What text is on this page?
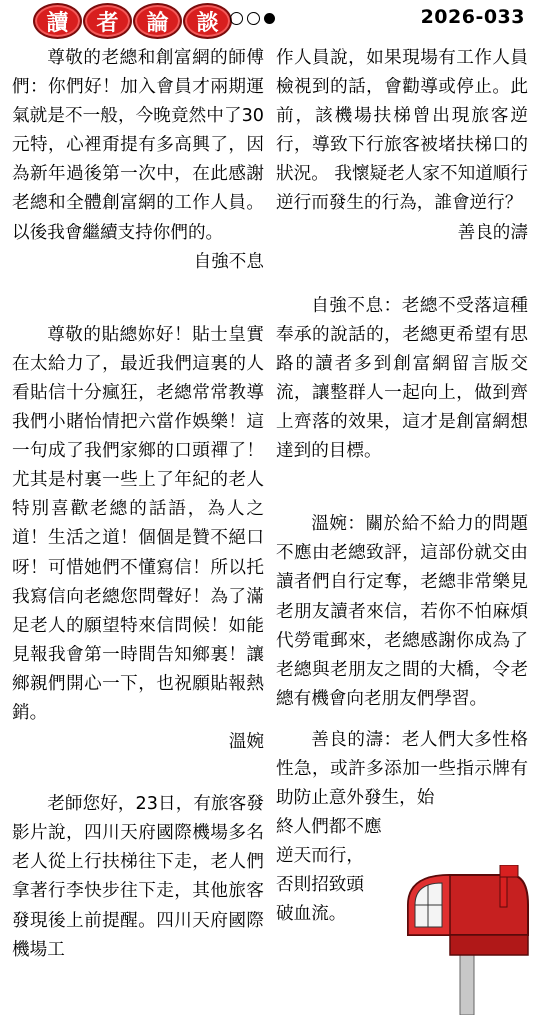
讀	者	論	談	2026-033

尊敬的老總和創富網的師傅們：你們好！加入會員才兩期運氣就是不一般，今晚竟然中了30元特，心裡甭提有多高興了，因為新年過後第一次中，在此感謝老總和全體創富網的工作人員。以後我會繼續支持你們的。

自強不息

尊敬的貼總妳好！貼士皇實在太給力了，最近我們這裏的人看貼信十分瘋狂，老總常常教導我們小賭怡情把六當作娛樂！這一句成了我們家鄉的口頭禪了！尤其是村裏一些上了年紀的老人特別喜歡老總的話語，為人之道！生活之道！個個是贊不絕口呀！可惜她們不懂寫信！所以托我寫信向老總您問聲好！為了滿足老人的願望特來信問候！如能見報我會第一時間告知鄉裏！讓鄉親們開心一下，也祝願貼報熱銷。

溫婉

老師您好，23日，有旅客發影片說，四川天府國際機場多名老人從上行扶梯往下走，老人們拿著行李快步往下走，其他旅客發現後上前提醒。四川天府國際機場工

作人員說，如果現場有工作人員檢視到的話，會勸導或停止。此前，該機場扶梯曾出現旅客逆行，導致下行旅客被堵扶梯口的狀況。 我懷疑老人家不知道順行逆行而發生的行為，誰會逆行？

善良的濤

自強不息：老總不受落這種奉承的說話的，老總更希望有思路的讀者多到創富網留言版交流，讓整群人一起向上，做到齊上齊落的效果，這才是創富網想達到的目標。

溫婉：關於給不給力的問題不應由老總致評，這部份就交由讀者們自行定奪，老總非常樂見老朋友讀者來信，若你不怕麻煩代勞電郵來，老總感謝你成為了老總與老朋友之間的大橋，令老總有機會向老朋友們學習。

善良的濤：老人們大多性格性急，或許多添加一些指示牌有助防止意外發生，始

終人們都不應

逆天而行，

否則招致頭

破血流。
